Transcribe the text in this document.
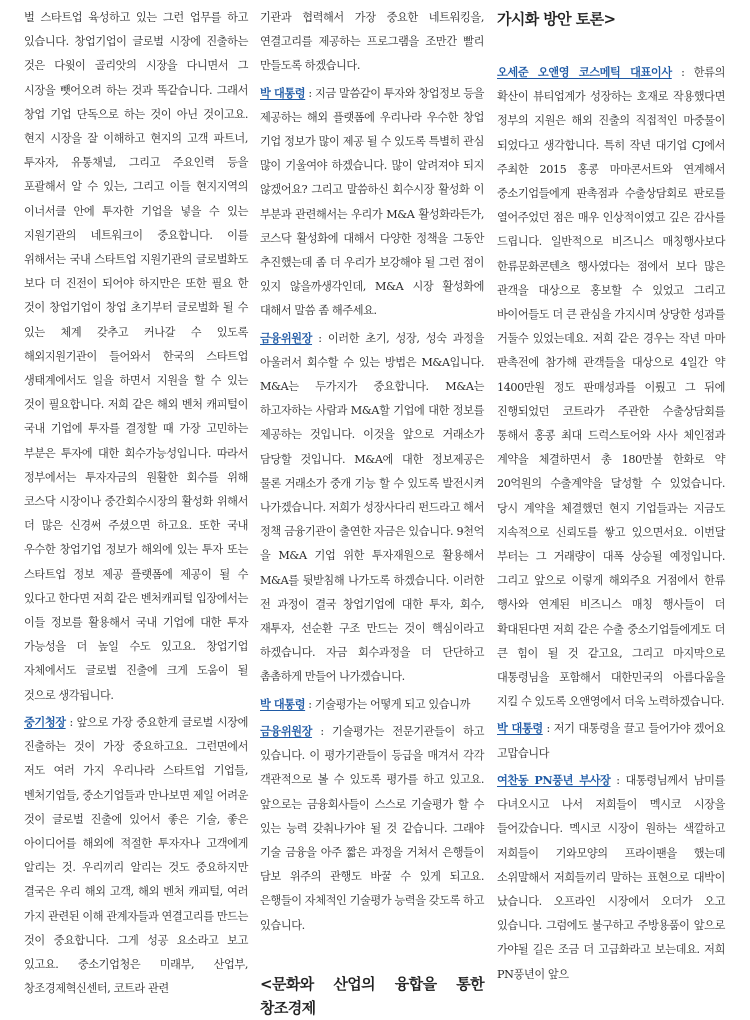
벌 스타트업 육성하고 있는 그런 업무를 하고 있습니다. 창업기업이 글로벌 시장에 진출하는 것은 다윗이 골리앗의 시장을 다니면서 그 시장을 뺏어오려 하는 것과 똑같습니다. 그래서 창업 기업 단독으로 하는 것이 아닌 것이고요. 현지 시장을 잘 이해하고 현지의 고객 파트너, 투자자, 유통채널, 그리고 주요인력 등을 포괄해서 알 수 있는, 그리고 이들 현지지역의 이너서클 안에 투자한 기업을 넣을 수 있는 지원기관의 네트워크이 중요합니다. 이를 위해서는 국내 스타트업 지원기관의 글로벌화도 보다 더 진전이 되어야 하지만은 또한 필요 한 것이 창업기업이 창업 초기부터 글로벌화 될 수 있는 체계 갖추고 커나갈 수 있도록 해외지원기관이 들어와서 한국의 스타트업 생태계에서도 일을 하면서 지원을 할 수 있는 것이 필요합니다. 저희 같은 해외 벤처 캐피털이 국내 기업에 투자를 결정할 때 가장 고민하는 부분은 투자에 대한 회수가능성입니다. 따라서 정부에서는 투자자금의 원활한 회수를 위해 코스닥 시장이나 중간회수시장의 활성화 위해서 더 많은 신경써 주셨으면 하고요. 또한 국내 우수한 창업기업 정보가 해외에 있는 투자 또는 스타트업 정보 제공 플랫폼에 제공이 될 수 있다고 한다면 저희 같은 벤처캐피털 입장에서는 이들 정보를 활용해서 국내 기업에 대한 투자 가능성을 더 높일 수도 있고요. 창업기업 자체에서도 글로벌 진출에 크게 도움이 될 것으로 생각됩니다.

중기청장 : 앞으로 가장 중요한게 글로벌 시장에 진출하는 것이 가장 중요하고요. 그런면에서 저도 여러 가지 우리나라 스타트업 기업들, 벤처기업들, 중소기업들과 만나보면 제일 어려운 것이 글로벌 진출에 있어서 좋은 기술, 좋은 아이디어를 해외에 적절한 투자자나 고객에게 알리는 것. 우리끼리 알리는 것도 중요하지만 결국은 우리 해외 고객, 해외 벤처 캐피털, 여러 가지 관련된 이해 관계자들과 연결고리를 만드는 것이 중요합니다. 그게 성공 요소라고 보고 있고요. 중소기업청은 미래부, 산업부, 창조경제혁신센터, 코트라 관련

기관과 협력해서 가장 중요한 네트워킹을, 연결고리를 제공하는 프로그램을 조만간 빨리 만들도록 하겠습니다.

박 대통령 : 지금 말씀같이 투자와 창업정보 등을 제공하는 해외 플랫폼에 우리나라 우수한 창업 기업 정보가 많이 제공 될 수 있도록 특별히 관심 많이 기울여야 하겠습니다. 많이 알려져야 되지 않겠어요? 그리고 말씀하신 회수시장 활성화 이 부분과 관련해서는 우리가 M&A 활성화라든가, 코스닥 활성화에 대해서 다양한 정책을 그동안 추진했는데 좀 더 우리가 보강해야 될 그런 점이 있지 않을까생각인데, M&A 시장 활성화에 대해서 말씀 좀 해주세요.

금융위원장 : 이러한 초기, 성장, 성숙 과정을 아울러서 회수할 수 있는 방법은 M&A입니다. M&A는 두가지가 중요합니다. M&A는 하고자하는 사람과 M&A할 기업에 대한 정보를 제공하는 것입니다. 이것을 앞으로 거래소가 담당할 것입니다. M&A에 대한 정보제공은 물론 거래소가 중개 기능 할 수 있도록 발전시켜 나가겠습니다. 저희가 성장사다리 펀드라고 해서 정책 금융기관이 출연한 자금은 있습니다. 9천억 을 M&A 기업 위한 투자재원으로 활용해서 M&A를 뒷받침해 나가도록 하겠습니다. 이러한 전 과정이 결국 창업기업에 대한 투자, 회수, 재투자, 선순환 구조 만드는 것이 핵심이라고 하겠습니다. 자금 회수과정을 더 단단하고 촘촘하게 만들어 나가겠습니다.

박 대통령 : 기술평가는 어떻게 되고 있습니까

금융위원장 : 기술평가는 전문기관들이 하고 있습니다. 이 평가기관들이 등급을 매겨서 각각 객관적으로 볼 수 있도록 평가를 하고 있고요. 앞으로는 금융회사들이 스스로 기술평가 할 수 있는 능력 갖춰나가야 될 것 같습니다. 그래야 기술 금융을 아주 짧은 과정을 거쳐서 은행들이 담보 위주의 관행도 바꿀 수 있게 되고요. 은행들이 자체적인 기술평가 능력을 갖도록 하고 있습니다.

<문화와 산업의 융합을 통한 창조경제
가시화 방안 토론>

오세준 오앤영 코스메틱 대표이사 : 한류의 확산이 뷰티업계가 성장하는 호재로 작용했다면 정부의 지원은 해외 진출의 직접적인 마중물이 되었다고 생각합니다. 특히 작년 대기업 CJ에서 주최한 2015 홍콩 마마콘서트와 연계해서 중소기업들에게 판촉점과 수출상담회로 판로를 열어주었던 점은 매우 인상적이였고 깊은 감사를 드립니다. 일반적으로 비즈니스 매칭행사보다 한류문화콘텐츠 행사였다는 점에서 보다 많은 관객을 대상으로 홍보할 수 있었고 그리고 바이어들도 더 큰 관심을 가지시며 상당한 성과를 거둘수 있었는데요. 저희 같은 경우는 작년 마마 판촉전에 참가해 관객들을 대상으로 4일간 약 1400만원 정도 판매성과를 이뤘고 그 뒤에 진행되었던 코트라가 주관한 수출상담회를 통해서 홍콩 최대 드럭스토어와 사사 체인점과 계약을 체결하면서 총 180만불 한화로 약 20억원의 수출계약을 달성할 수 있었습니다. 당시 계약을 체결했던 현지 기업들과는 지금도 지속적으로 신뢰도를 쌓고 있으면서요. 이번달 부터는 그 거래량이 대폭 상승될 예정입니다. 그리고 앞으로 이렇게 해외주요 거점에서 한류 행사와 연계된 비즈니스 매칭 행사들이 더 확대된다면 저희 같은 수출 중소기업들에게도 더 큰 힘이 될 것 같고요, 그리고 마지막으로 대통령님을 포함해서 대한민국의 아름다움을 지킬 수 있도록 오앤영에서 더욱 노력하겠습니다.

박 대통령 : 저기 대통령을 끌고 들어가야 겠어요 고맙습니다

여찬동 PN풍년 부사장 : 대통령님께서 남미를 다녀오시고 나서 저희들이 멕시코 시장을 들어갔습니다. 멕시코 시장이 원하는 색깔하고 저희들이 기와모양의 프라이팬을 했는데 소위말해서 저희들끼리 말하는 표현으로 대박이 났습니다. 오프라인 시장에서 오더가 오고 있습니다. 그럼에도 불구하고 주방용품이 앞으로 가야될 길은 조금 더 고급화라고 보는데요. 저희 PN풍년이 앞으
